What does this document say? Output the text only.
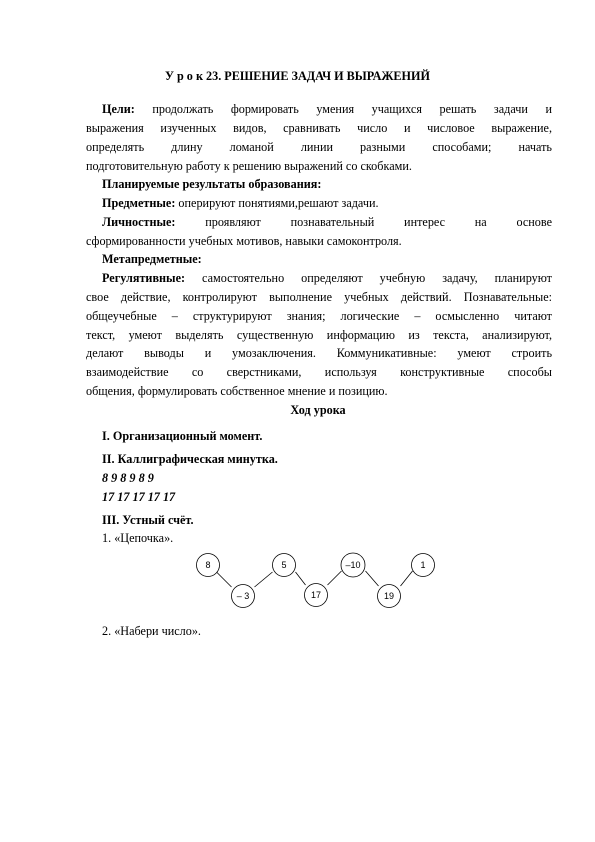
У р о к 23. РЕШЕНИЕ ЗАДАЧ И ВЫРАЖЕНИЙ
Цели: продолжать формировать умения учащихся решать задачи и
выражения изученных видов, сравнивать число и числовое выражение,
определять длину ломаной линии разными способами; начать
подготовительную работу к решению выражений со скобками.
Планируемые результаты образования:
Предметные: оперируют понятиями,решают задачи.
Личностные: проявляют познавательный интерес на основе
сформированности учебных мотивов, навыки самоконтроля.
Метапредметные:
Регулятивные: самостоятельно определяют учебную задачу, планируют
свое действие, контролируют выполнение учебных действий. Познавательные:
общеучебные – структурируют знания; логические – осмысленно читают
текст, умеют выделять существенную информацию из текста, анализируют,
делают выводы и умозаключения. Коммуникативные: умеют строить
взаимодействие со сверстниками, используя конструктивные способы
общения, формулировать собственное мнение и позицию.
Ход урока
I. Организационный момент.
II. Каллиграфическая минутка.
8 9 8 9 8 9
17 17 17 17 17
III. Устный счёт.
1. «Цепочка».
8
– 3
5
17
–10
19
1
2. «Набери число».
